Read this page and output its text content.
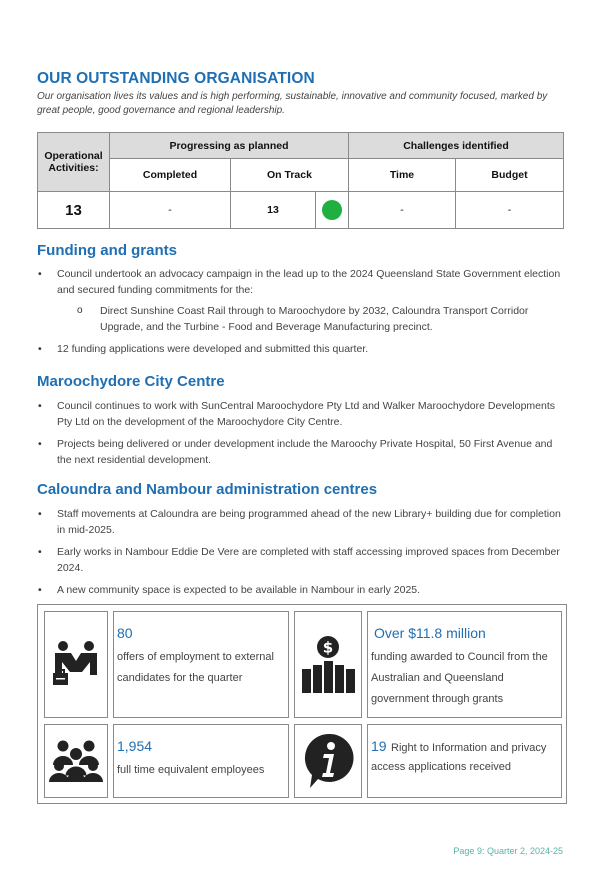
OUR OUTSTANDING ORGANISATION

Our organisation lives its values and is high performing, sustainable, innovative and community focused, marked by great people, good governance and regional leadership.

Operational Activities:	Progressing as planned			Challenges identified	
	Completed	On Track		Time	Budget
13	-	13		-	-
Funding and grants
• Council undertook an advocacy campaign in the lead up to the 2024 Queensland State Government election and secured funding commitments for the:
o Direct Sunshine Coast Rail through to Maroochydore by 2032, Caloundra Transport Corridor Upgrade, and the Turbine - Food and Beverage Manufacturing precinct.
• 12 funding applications were developed and submitted this quarter.
Maroochydore City Centre
• Council continues to work with SunCentral Maroochydore Pty Ltd and Walker Maroochydore Developments Pty Ltd on the development of the Maroochydore City Centre.
• Projects being delivered or under development include the Maroochy Private Hospital, 50 First Avenue and the next residential development.
Caloundra and Nambour administration centres
• Staff movements at Caloundra are being programmed ahead of the new Library+ building due for completion in mid-2025.
• Early works in Nambour Eddie De Vere are completed with staff accessing improved spaces from December 2024.
• A new community space is expected to be available in Nambour in early 2025.
80
offers of employment to external candidates for the quarter
$
Over $11.8 million
funding awarded to Council from the Australian and Queensland government through grants
1,954
full time equivalent employees
19 Right to Information and privacy access applications received
Page 9: Quarter 2, 2024-25
